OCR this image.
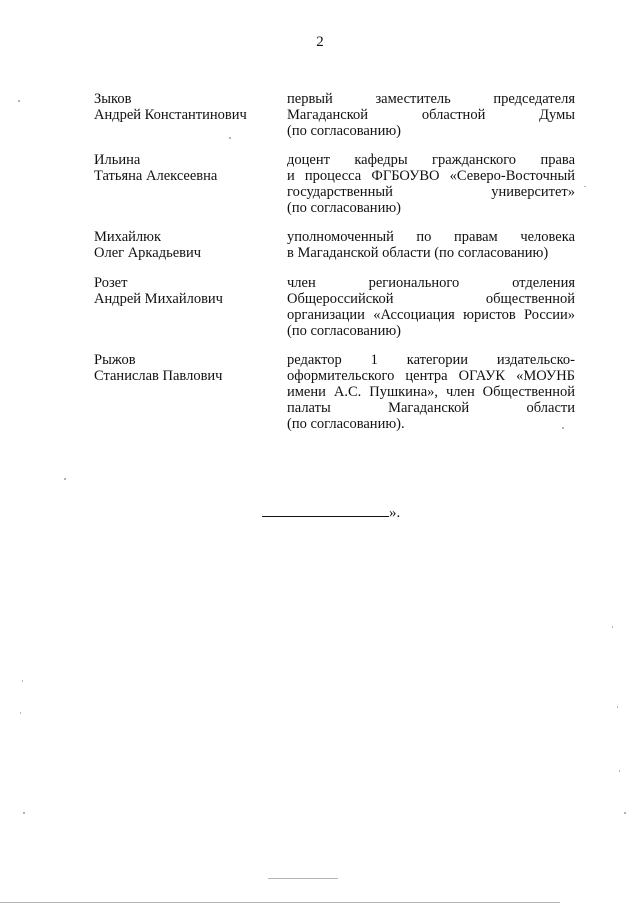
2
Зыков
Андрей Константинович
первый заместитель председателя
Магаданской областной Думы
(по согласованию)
Ильина
Татьяна Алексеевна
доцент кафедры гражданского права
и процесса ФГБОУВО «Северо-Восточный
государственный университет»
(по согласованию)
Михайлюк
Олег Аркадьевич
уполномоченный по правам человека
в Магаданской области (по согласованию)
Розет
Андрей Михайлович
член регионального отделения
Общероссийской общественной
организации «Ассоциация юристов России»
(по согласованию)
Рыжов
Станислав Павлович
редактор 1 категории издательско-
оформительского центра ОГАУК «МОУНБ
имени А.С. Пушкина», член Общественной
палаты Магаданской области
(по согласованию).
».
